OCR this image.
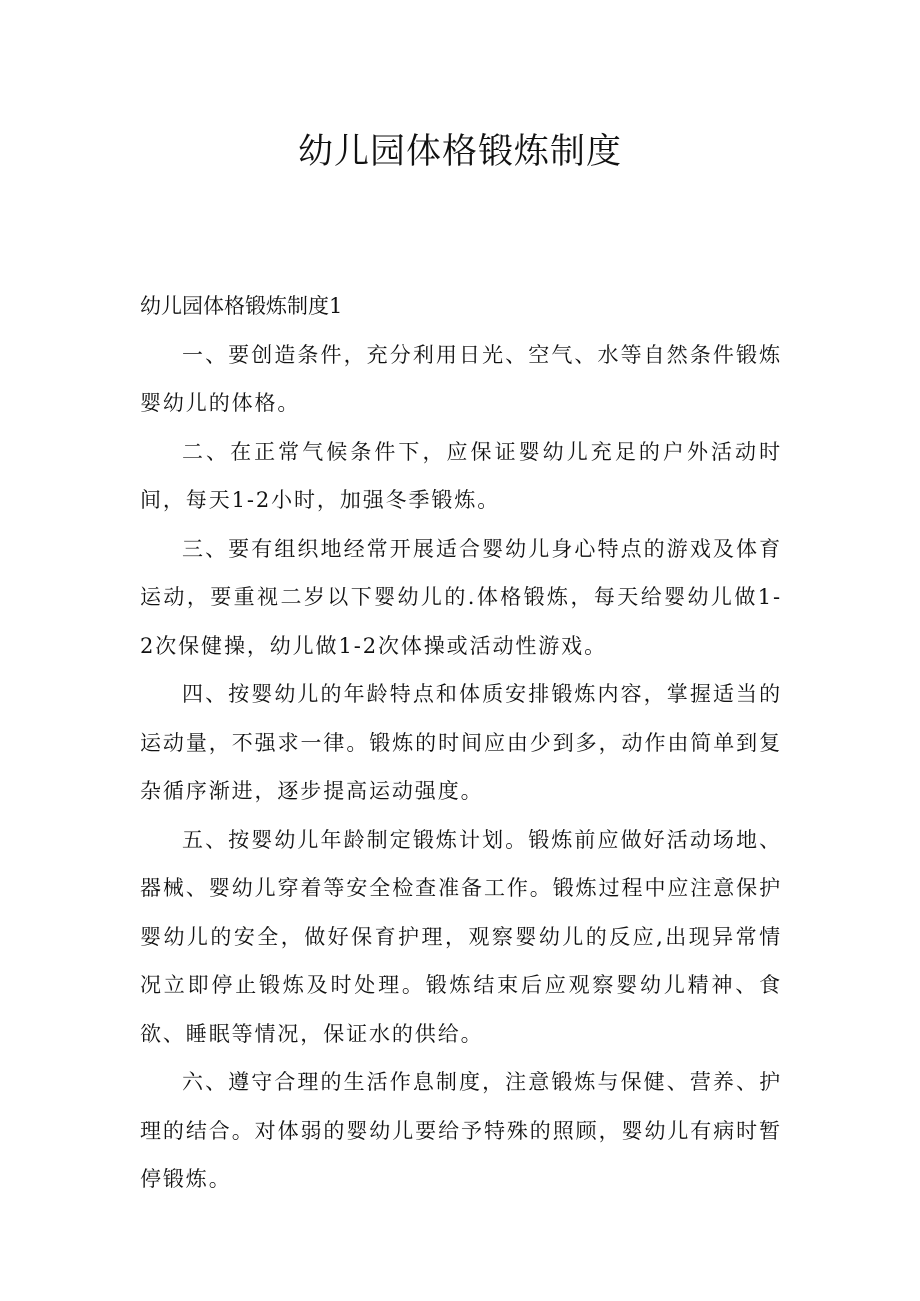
幼儿园体格锻炼制度

幼儿园体格锻炼制度1

一、要创造条件，充分利用日光、空气、水等自然条件锻炼婴幼儿的体格。

二、在正常气候条件下，应保证婴幼儿充足的户外活动时间，每天1-2小时，加强冬季锻炼。

三、要有组织地经常开展适合婴幼儿身心特点的游戏及体育运动，要重视二岁以下婴幼儿的.体格锻炼，每天给婴幼儿做1-2次保健操，幼儿做1-2次体操或活动性游戏。

四、按婴幼儿的年龄特点和体质安排锻炼内容，掌握适当的运动量，不强求一律。锻炼的时间应由少到多，动作由简单到复杂循序渐进，逐步提高运动强度。

五、按婴幼儿年龄制定锻炼计划。锻炼前应做好活动场地、器械、婴幼儿穿着等安全检查准备工作。锻炼过程中应注意保护婴幼儿的安全，做好保育护理，观察婴幼儿的反应,出现异常情况立即停止锻炼及时处理。锻炼结束后应观察婴幼儿精神、食欲、睡眠等情况，保证水的供给。

六、遵守合理的生活作息制度，注意锻炼与保健、营养、护理的结合。对体弱的婴幼儿要给予特殊的照顾，婴幼儿有病时暂停锻炼。
